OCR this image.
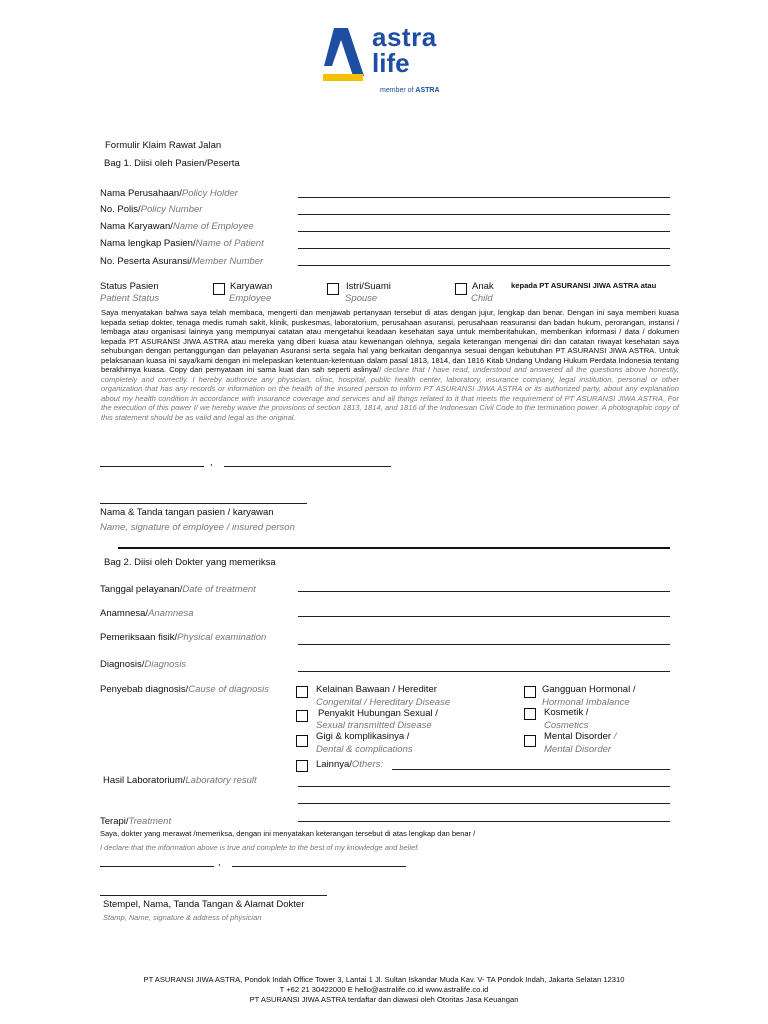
astra
life
member of ASTRA
Formulir Klaim Rawat Jalan
Bag 1. Diisi oleh Pasien/Peserta
Nama Perusahaan/Policy Holder
No. Polis/Policy Number
Nama Karyawan/Name of Employee
Nama lengkap Pasien/Name of Patient
No. Peserta Asuransi/Member Number
Status Pasien
Patient Status
Karyawan
Employee
Istri/Suami
Spouse
Anak
Child
kepada PT ASURANSI JIWA ASTRA atau
Saya menyatakan bahwa saya telah membaca, mengerti dan menjawab pertanyaan tersebut di atas dengan jujur, lengkap dan benar. Dengan ini saya memberi kuasa kepada setiap dokter, tenaga medis rumah sakit, klinik, puskesmas, laboratorium, perusahaan asuransi, perusahaan reasuransi dan badan hukum, perorangan, instansi / lembaga atau organisasi lainnya yang mempunyai catatan atau mengetahui keadaan kesehatan saya untuk memberitahukan, memberikan informasi / data / dokumen kepada PT ASURANSI JIWA ASTRA atau mereka yang diberi kuasa atau kewenangan olehnya, segala keterangan mengenai diri dan catatan riwayat kesehatan saya sehubungan dengan pertanggungan dan pelayanan Asuransi serta segala hal yang berkaitan dengannya sesuai dengan kebutuhan PT ASURANSI JIWA ASTRA. Untuk pelaksanaan kuasa ini saya/kami dengan ini melepaskan ketentuan-ketentuan dalam pasal 1813, 1814, dan 1816 Kitab Undang Undang Hukum Perdata Indonesia tentang berakhirnya kuasa. Copy dari pernyataan ini sama kuat dan sah seperti aslinya/I declare that I have read, understood and answered all the questions above honestly, completely and correctly. I hereby authorize any physician, clinic, hospital, public health center, laboratory, insurance company, legal institution, personal or other organization that has any records or information on the health of the insured person to inform PT ASURANSI JIWA ASTRA or its authorized party, about any explanation about my health condition in accordance with insurance coverage and services and all things related to it that meets the requirement of PT ASURANSI JIWA ASTRA. For the execution of this power I/ we hereby waive the provisions of section 1813, 1814, and 1816 of the Indonesian Civil Code to the termination power. A photographic copy of this statement should be as valid and legal as the original.
,
Nama & Tanda tangan pasien / karyawan
Name, signature of employee / insured person
Bag 2. Diisi oleh Dokter yang memeriksa
Tanggal pelayanan/Date of treatment
Anamnesa/Anamnesa
Pemeriksaan fisik/Physical examination
Diagnosis/Diagnosis
Penyebab diagnosis/Cause of diagnosis	Kelainan Bawaan / Herediter
Congenital / Hereditary Disease
Gangguan Hormonal /
Hormonal Imbalance
Penyakit Hubungan Sexual /
Sexual transmitted Disease
Kosmetik /
Cosmetics
Gigi & komplikasinya /
Dental & complications
Mental Disorder /
Mental Disorder
Lainnya/Others:
Hasil Laboratorium/Laboratory result
Terapi/Treatment
Saya, dokter yang merawat /memeriksa, dengan ini menyatakan keterangan tersebut di atas lengkap dan benar /
I declare that the information above is true and complete to the best of my knowledge and belief.
,
Stempel, Nama, Tanda Tangan & Alamat Dokter
Stamp, Name, signature & address of physician
PT ASURANSI JIWA ASTRA, Pondok Indah Office Tower 3, Lantai 1 Jl. Sultan Iskandar Muda Kav. V- TA Pondok Indah, Jakarta Selatan 12310
T +62 21 30422000 E hello@astralife.co.id www.astralife.co.id
PT ASURANSI JIWA ASTRA terdaftar dan diawasi oleh Otoritas Jasa Keuangan
